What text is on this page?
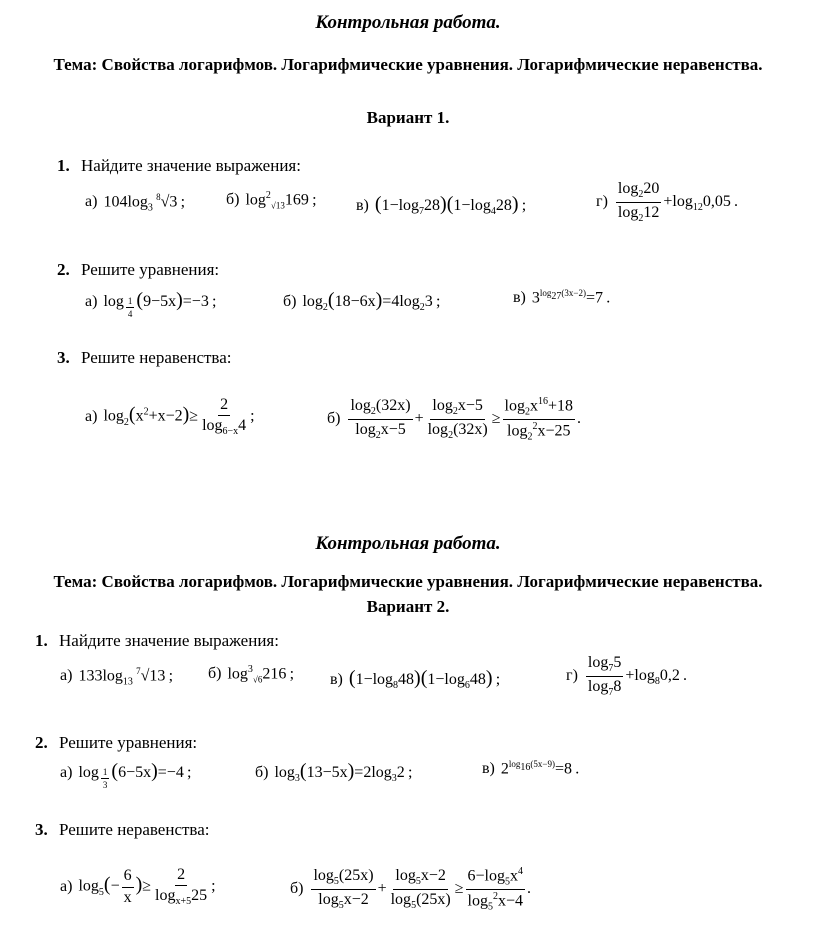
Контрольная работа.
Тема: Свойства логарифмов. Логарифмические уравнения. Логарифмические неравенства.
Вариант 1.
1. Найдите значение выражения:
а) $104\log_3$ $^8$√3 ;	б) $\log^2_{√13}169$ ; в) $(1-\log_728)(1-\log_428)$ ;	$г) \frac{\log_220}{\log_212} +\log_{12}0,05$ .
2. Решите уравнения:
а) log $_{\frac{1}{4}}$ (9−5x)=−3 ;	б) $\log_2(18-6x)=4\log_23$ ;	в) $3^{log_{27}(3x-2)}=7$ .
3. Решите неравенства:
а) $\log_2(x^2+x-2)\ge \frac{2}{\log_{6-x}4}$ ;	$б) \frac{\log_2(32x)}{\log_2x-5} + \frac{\log_2x-5}{\log_2(32x)} \ge \frac{\log_2x^{16}+18}{\log_2^2x-25}$ .
Контрольная работа.
Тема: Свойства логарифмов. Логарифмические уравнения. Логарифмические неравенства.
Вариант 2.
1. Найдите значение выражения:
а) $133\log_{13}$ $^7$√13 ; б) $\log^3_{√6}216$ ; в) $(1-\log_848)(1-\log_648)$ ;	$г) \frac{\log_75}{\log_78} +\log_80,2$ .
2. Решите уравнения:
а) log $_{\frac{1}{3}}$ (6−5x)=−4 ;	б) $\log_3(13-5x)=2\log_32$ ;	в) $2^{log_{16}(5x-9)}=8$ .
3. Решите неравенства:
а) $\log_5(- \frac{6}{x}$ )≥ $\frac{2}{\log_{x+5}25}$ ;	$б) \frac{\log_5(25x)}{\log_5x-2} + \frac{\log_5x-2}{\log_5(25x)} \ge \frac{6-\log_5x^4}{\log_5^2x-4}$ .
